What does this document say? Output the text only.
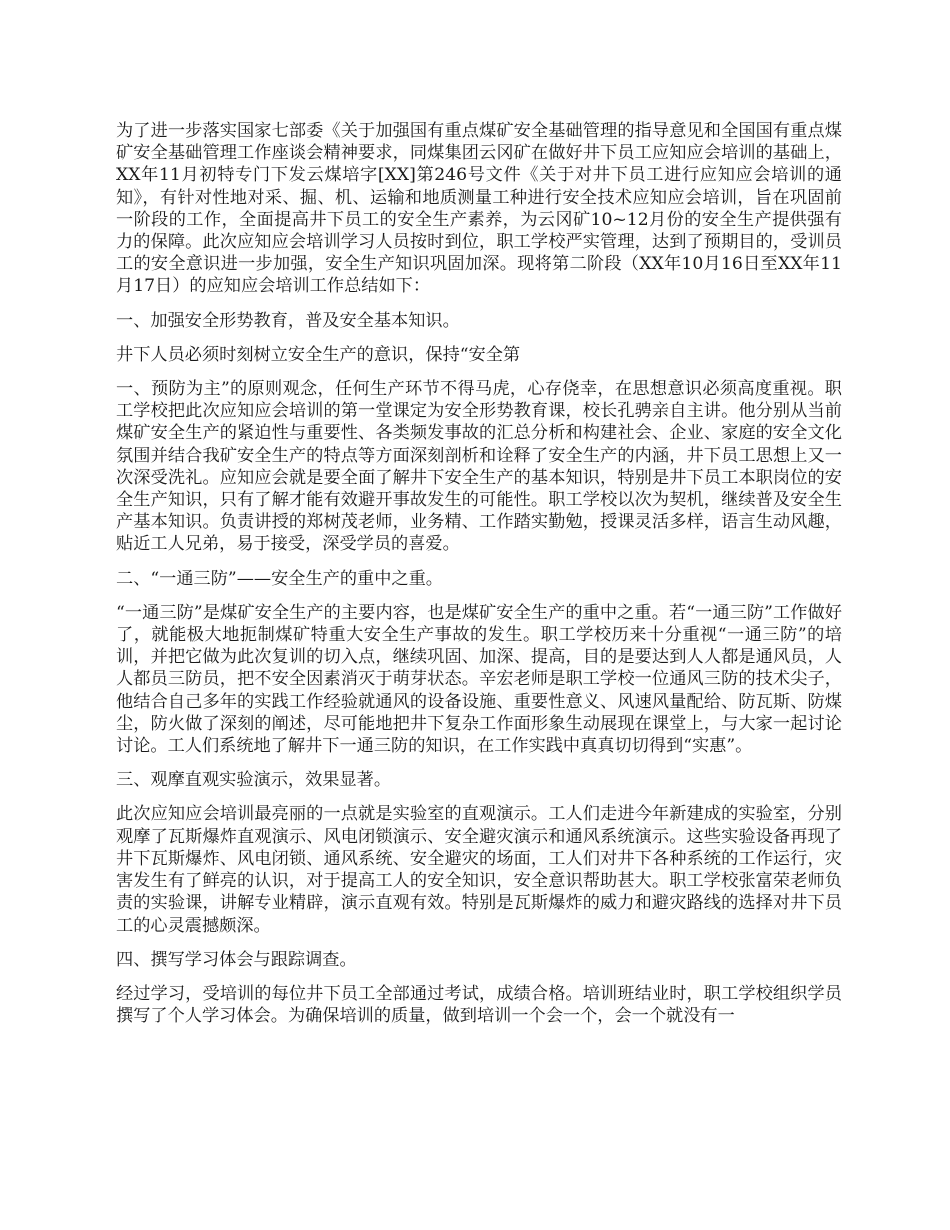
为了进一步落实国家七部委《关于加强国有重点煤矿安全基础管理的指导意见和全国国有重点煤矿安全基础管理工作座谈会精神要求，同煤集团云冈矿在做好井下员工应知应会培训的基础上，XX年11月初特专门下发云煤培字[XX]第246号文件《关于对井下员工进行应知应会培训的通知》，有针对性地对采、掘、机、运输和地质测量工种进行安全技术应知应会培训，旨在巩固前一阶段的工作，全面提高井下员工的安全生产素养，为云冈矿10~12月份的安全生产提供强有力的保障。此次应知应会培训学习人员按时到位，职工学校严实管理，达到了预期目的，受训员工的安全意识进一步加强，安全生产知识巩固加深。现将第二阶段（XX年10月16日至XX年11月17日）的应知应会培训工作总结如下：

一、加强安全形势教育，普及安全基本知识。

井下人员必须时刻树立安全生产的意识，保持“安全第

一、预防为主”的原则观念，任何生产环节不得马虎，心存侥幸，在思想意识必须高度重视。职工学校把此次应知应会培训的第一堂课定为安全形势教育课，校长孔骋亲自主讲。他分别从当前煤矿安全生产的紧迫性与重要性、各类频发事故的汇总分析和构建社会、企业、家庭的安全文化氛围并结合我矿安全生产的特点等方面深刻剖析和诠释了安全生产的内涵，井下员工思想上又一次深受洗礼。应知应会就是要全面了解井下安全生产的基本知识，特别是井下员工本职岗位的安全生产知识，只有了解才能有效避开事故发生的可能性。职工学校以次为契机，继续普及安全生产基本知识。负责讲授的郑树茂老师，业务精、工作踏实勤勉，授课灵活多样，语言生动风趣，贴近工人兄弟，易于接受，深受学员的喜爱。

二、“一通三防”——安全生产的重中之重。

“一通三防”是煤矿安全生产的主要内容，也是煤矿安全生产的重中之重。若“一通三防”工作做好了，就能极大地扼制煤矿特重大安全生产事故的发生。职工学校历来十分重视“一通三防”的培训，并把它做为此次复训的切入点，继续巩固、加深、提高，目的是要达到人人都是通风员，人人都员三防员，把不安全因素消灭于萌芽状态。辛宏老师是职工学校一位通风三防的技术尖子，他结合自己多年的实践工作经验就通风的设备设施、重要性意义、风速风量配给、防瓦斯、防煤尘，防火做了深刻的阐述，尽可能地把井下复杂工作面形象生动展现在课堂上，与大家一起讨论讨论。工人们系统地了解井下一通三防的知识，在工作实践中真真切切得到“实惠”。

三、观摩直观实验演示，效果显著。

此次应知应会培训最亮丽的一点就是实验室的直观演示。工人们走进今年新建成的实验室，分别观摩了瓦斯爆炸直观演示、风电闭锁演示、安全避灾演示和通风系统演示。这些实验设备再现了井下瓦斯爆炸、风电闭锁、通风系统、安全避灾的场面，工人们对井下各种系统的工作运行，灾害发生有了鲜亮的认识，对于提高工人的安全知识，安全意识帮助甚大。职工学校张富荣老师负责的实验课，讲解专业精辟，演示直观有效。特别是瓦斯爆炸的威力和避灾路线的选择对井下员工的心灵震撼颇深。

四、撰写学习体会与跟踪调查。

经过学习，受培训的每位井下员工全部通过考试，成绩合格。培训班结业时，职工学校组织学员撰写了个人学习体会。为确保培训的质量，做到培训一个会一个，会一个就没有一
